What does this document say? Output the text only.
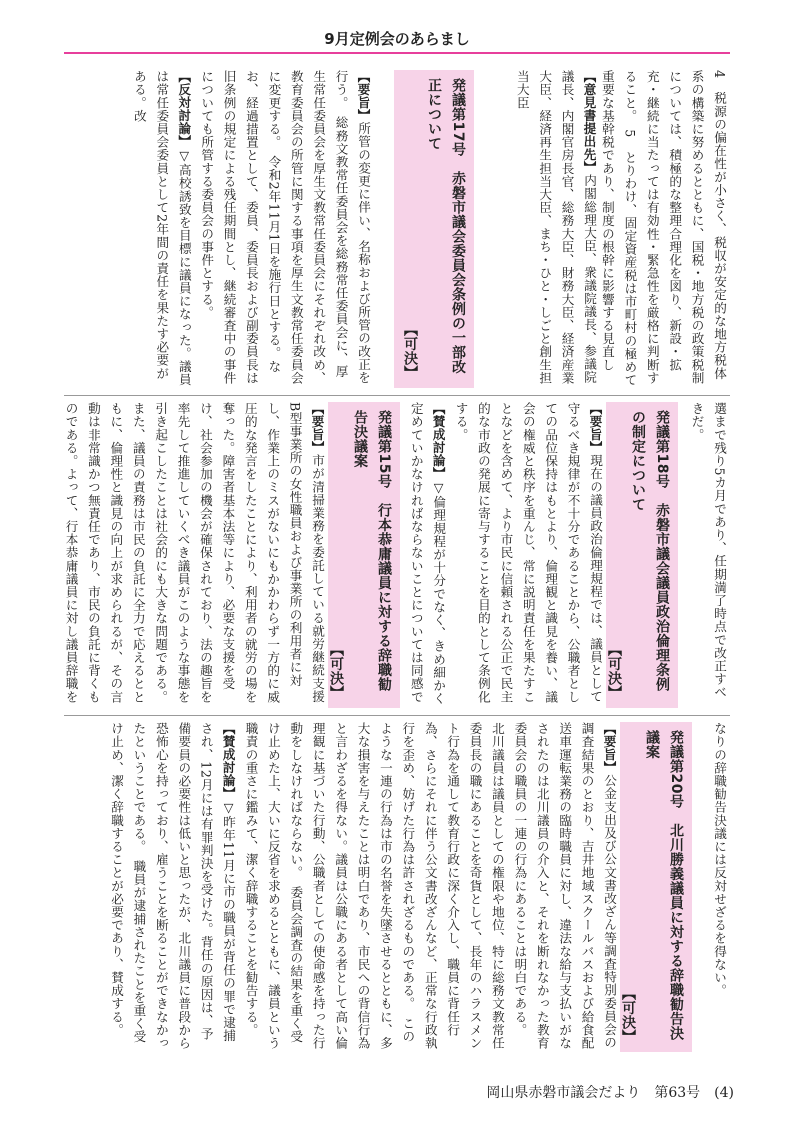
9月定例会のあらまし

4　税源の偏在性が小さく、税収が安定的な地方税体系の構築に努めるとともに、国税・地方税の政策税制については、積極的な整理合理化を図り、新設・拡充・継続に当たっては有効性・緊急性を厳格に判断すること。　5　とりわけ、固定資産税は市町村の極めて重要な基幹税であり、制度の根幹に影響する見直し

【意見書提出先】内閣総理大臣、衆議院議長、参議院議長、内閣官房長官、総務大臣、財務大臣、経済産業大臣、経済再生担当大臣、まち・ひと・しごと創生担当大臣

発議第17号　赤磐市議会委員会条例の一部改正について
【可決】

【要旨】所管の変更に伴い、名称および所管の改正を行う。　総務文教常任委員会を総務常任委員会に、厚生常任委員会を厚生文教常任委員会にそれぞれ改め、教育委員会の所管に関する事項を厚生文教常任委員会に変更する。　令和2年11月1日を施行日とする。なお、経過措置として、委員、委員長および副委員長は旧条例の規定による残任期間とし、継続審査中の事件についても所管する委員会の事件とする。

【反対討論】▽高校誘致を目標に議員になった。議員は常任委員会委員として2年間の責任を果たす必要がある。改

選まで残り5カ月であり、任期満了時点で改正すべきだ。

発議第18号　赤磐市議会議員政治倫理条例の制定について
【可決】

【要旨】現在の議員政治倫理規程では、議員として守るべき規律が不十分であることから、公職者としての品位保持はもとより、倫理観と識見を養い、議会の権威と秩序を重んじ、常に説明責任を果たすことなどを含めて、より市民に信頼される公正で民主的な市政の発展に寄与することを目的として条例化する。

【賛成討論】▽倫理規程が十分でなく、きめ細かく定めていかなければならないことについては同感で

発議第15号　行本恭庸議員に対する辞職勧告決議案
【可決】

【要旨】市が清掃業務を委託している就労継続支援B型事業所の女性職員および事業所の利用者に対し、作業上のミスがないにもかかわらず一方的に威圧的な発言をしたことにより、利用者の就労の場を奪った。障害者基本法等により、必要な支援を受け、社会参加の機会が確保されており、法の趣旨を率先して推進していくべき議員がこのような事態を引き起こしたことは社会的にも大きな問題である。また、議員の責務は市民の負託に全力で応えるとともに、倫理性と識見の向上が求められるが、その言動は非常識かつ無責任であり、市民の負託に背くものである。よって、行本恭庸議員に対し議員辞職を

なりの辞職勧告決議には反対せざるを得ない。

発議第20号　北川勝義議員に対する辞職勧告決議案
【可決】

【要旨】公金支出及び公文書改ざん等調査特別委員会の調査結果のとおり、吉井地域スクールバスおよび給食配送車運転業務の臨時職員に対し、違法な給与支払いがなされたのは北川議員の介入と、それを断れなかった教育委員会の職員の一連の行為にあることは明白である。　北川議員は議員としての権限や地位、特に総務文教常任委員長の職にあることを奇貨として、長年のハラスメント行為を通して教育行政に深く介入し、職員に背任行為、さらにそれに伴う公文書改ざんなど、正常な行政執行を歪め、妨げた行為は許されざるものである。　このような一連の行為は市の名誉を失墜させるとともに、多大な損害を与えたことは明白であり、市民への背信行為と言わざるを得ない。議員は公職にある者として高い倫理観に基づいた行動、公職者としての使命感を持った行動をしなければならない。　委員会調査の結果を重く受け止めた上、大いに反省を求めるとともに、議員という職責の重さに鑑みて、潔く辞職することを勧告する。

【賛成討論】▽昨年11月に市の職員が背任の罪で逮捕され、12月には有罪判決を受けた。背任の原因は、予備要員の必要性は低いと思ったが、北川議員に普段から恐怖心を持っており、雇うことを断ることができなかったということである。　職員が逮捕されたことを重く受け止め、潔く辞職することが必要であり、賛成する。

岡山県赤磐市議会だより　第63号　(4)
